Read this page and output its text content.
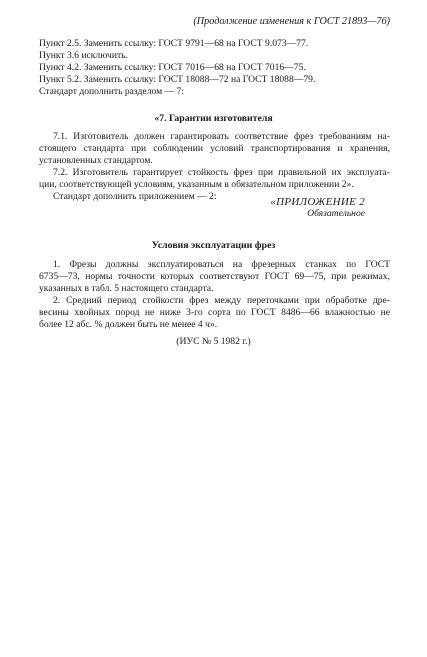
(Продолжение изменения к ГОСТ 21893—76)
Пункт 2.5. Заменить ссылку: ГОСТ 9791—68 на ГОСТ 9.073—77.
Пункт 3.6 исключить.
Пункт 4.2. Заменить ссылку: ГОСТ 7016—68 на ГОСТ 7016—75.
Пункт 5.2. Заменить ссылку: ГОСТ 18088—72 на ГОСТ 18088—79.
Стандарт дополнить разделом — 7:
«7. Гарантии изготовителя
7.1. Изготовитель должен гарантировать соответствие фрез требованиям на-
стоящего стандарта при соблюдении условий транспортирования и хранения,
установленных стандартом.
7.2. Изготовитель гарантирует стойкость фрез при правильной их эксплуата-
ции, соответствующей условиям, указанным в обязательном приложении 2».
Стандарт дополнить приложением — 2:	«ПРИЛОЖЕНИЕ 2
Обязательное
Условия эксплуатации фрез
1. Фрезы должны эксплуатироваться на фрезерных станках по ГОСТ
6735—73, нормы точности которых соответствуют ГОСТ 69—75, при режимах,
указанных в табл. 5 настоящего стандарта.
2. Средний период стойкости фрез между переточками при обработке дре-
весины хвойных пород не ниже 3-го сорта по ГОСТ 8486—66 влажностью не
более 12 абс. % должен быть не менее 4 ч».
(ИУС № 5 1982 г.)
